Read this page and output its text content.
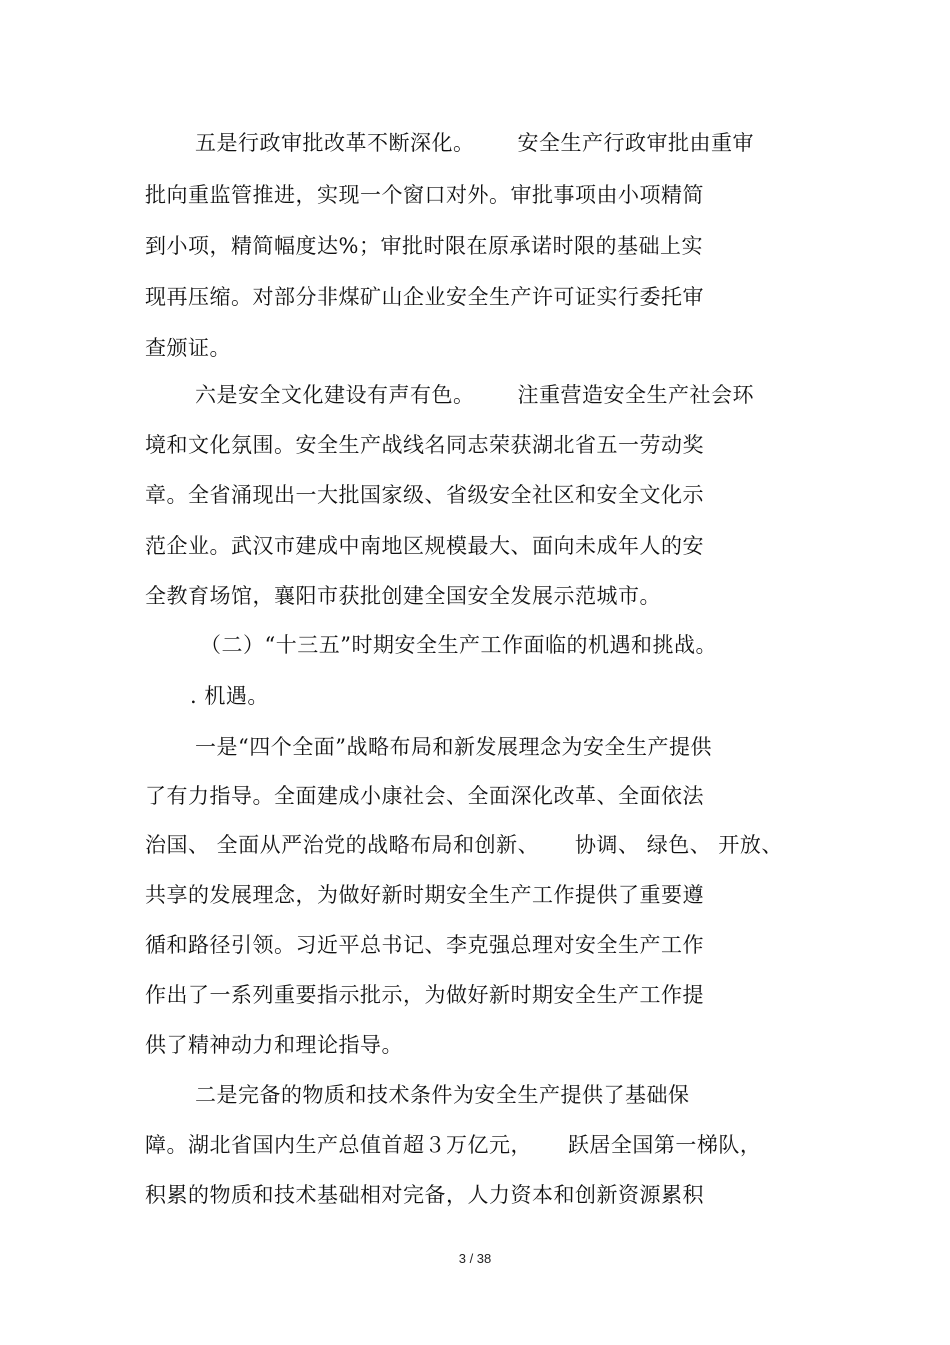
五是行政审批改革不断深化。      安全生产行政审批由重审
批向重监管推进，实现一个窗口对外。审批事项由小项精简
到小项，精简幅度达%；审批时限在原承诺时限的基础上实
现再压缩。对部分非煤矿山企业安全生产许可证实行委托审
查颁证。
六是安全文化建设有声有色。      注重营造安全生产社会环
境和文化氛围。安全生产战线名同志荣获湖北省五一劳动奖
章。全省涌现出一大批国家级、省级安全社区和安全文化示
范企业。武汉市建成中南地区规模最大、面向未成年人的安
全教育场馆，襄阳市获批创建全国安全发展示范城市。
（二）“十三五”时期安全生产工作面临的机遇和挑战。
. 机遇。
一是“四个全面”战略布局和新发展理念为安全生产提供
了有力指导。全面建成小康社会、全面深化改革、全面依法
治国、 全面从严治党的战略布局和创新、     协调、 绿色、 开放、
共享的发展理念，为做好新时期安全生产工作提供了重要遵
循和路径引领。习近平总书记、李克强总理对安全生产工作
作出了一系列重要指示批示，为做好新时期安全生产工作提
供了精神动力和理论指导。
二是完备的物质和技术条件为安全生产提供了基础保
障。湖北省国内生产总值首超３万亿元，     跃居全国第一梯队，
积累的物质和技术基础相对完备，人力资本和创新资源累积
3 / 38
